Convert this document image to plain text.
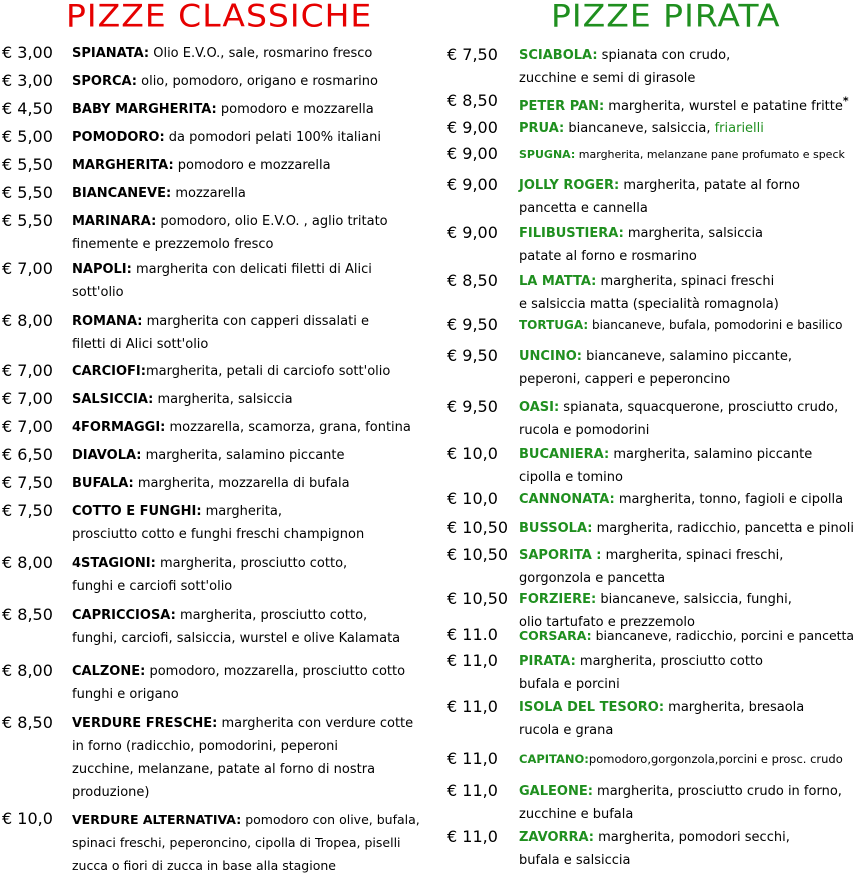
PIZZE CLASSICHE	PIZZE PIRATA
€ 3,00 SPIANATA: Olio E.V.O., sale, rosmarino fresco
€ 3,00 SPORCA: olio, pomodoro, origano e rosmarino
€ 4,50 BABY MARGHERITA: pomodoro e mozzarella
€ 5,00 POMODORO: da pomodori pelati 100% italiani
€ 5,50 MARGHERITA: pomodoro e mozzarella
€ 5,50 BIANCANEVE: mozzarella
€ 5,50 MARINARA: pomodoro, olio E.V.O. , aglio tritato
finemente e prezzemolo fresco
€ 7,00 NAPOLI: margherita con delicati filetti di Alici
sott'olio
€ 8,00 ROMANA: margherita con capperi dissalati e
filetti di Alici sott'olio
€ 7,00 CARCIOFI:margherita, petali di carciofo sott'olio
€ 7,00 SALSICCIA: margherita, salsiccia
€ 7,00 4FORMAGGI: mozzarella, scamorza, grana, fontina
€ 6,50 DIAVOLA: margherita, salamino piccante
€ 7,50 BUFALA: margherita, mozzarella di bufala
€ 7,50 COTTO E FUNGHI: margherita,
prosciutto cotto e funghi freschi champignon
€ 8,00 4STAGIONI: margherita, prosciutto cotto,
funghi e carciofi sott'olio
€ 8,50 CAPRICCIOSA: margherita, prosciutto cotto,
funghi, carciofi, salsiccia, wurstel e olive Kalamata
€ 8,00 CALZONE: pomodoro, mozzarella, prosciutto cotto
funghi e origano
€ 8,50 VERDURE FRESCHE: margherita con verdure cotte
in forno (radicchio, pomodorini, peperoni
zucchine, melanzane, patate al forno di nostra
produzione)
€ 10,0 VERDURE ALTERNATIVA: pomodoro con olive, bufala,
spinaci freschi, peperoncino, cipolla di Tropea, piselli
zucca o fiori di zucca in base alla stagione
€ 7,50 SCIABOLA: spianata con crudo,
zucchine e semi di girasole
€ 8,50 PETER PAN: margherita, wurstel e patatine fritte*
€ 9,00 PRUA: biancaneve, salsiccia, friarielli
€ 9,00 SPUGNA: margherita, melanzane pane profumato e speck
€ 9,00 JOLLY ROGER: margherita, patate al forno
pancetta e cannella
€ 9,00 FILIBUSTIERA: margherita, salsiccia
patate al forno e rosmarino
€ 8,50 LA MATTA: margherita, spinaci freschi
e salsiccia matta (specialità romagnola)
€ 9,50 TORTUGA: biancaneve, bufala, pomodorini e basilico
€ 9,50 UNCINO: biancaneve, salamino piccante,
peperoni, capperi e peperoncino
€ 9,50 OASI: spianata, squacquerone, prosciutto crudo,
rucola e pomodorini
€ 10,0 BUCANIERA: margherita, salamino piccante
cipolla e tomino
€ 10,0 CANNONATA: margherita, tonno, fagioli e cipolla
€ 10,50 BUSSOLA: margherita, radicchio, pancetta e pinoli
€ 10,50 SAPORITA : margherita, spinaci freschi,
gorgonzola e pancetta
€ 10,50 FORZIERE: biancaneve, salsiccia, funghi,
olio tartufato e prezzemolo
€ 11.0 CORSARA: biancaneve, radicchio, porcini e pancetta
€ 11,0 PIRATA: margherita, prosciutto cotto
bufala e porcini
€ 11,0 ISOLA DEL TESORO: margherita, bresaola
rucola e grana
€ 11,0 CAPITANO:pomodoro,gorgonzola,porcini e prosc. crudo
€ 11,0 GALEONE: margherita, prosciutto crudo in forno,
zucchine e bufala
€ 11,0 ZAVORRA: margherita, pomodori secchi,
bufala e salsiccia
